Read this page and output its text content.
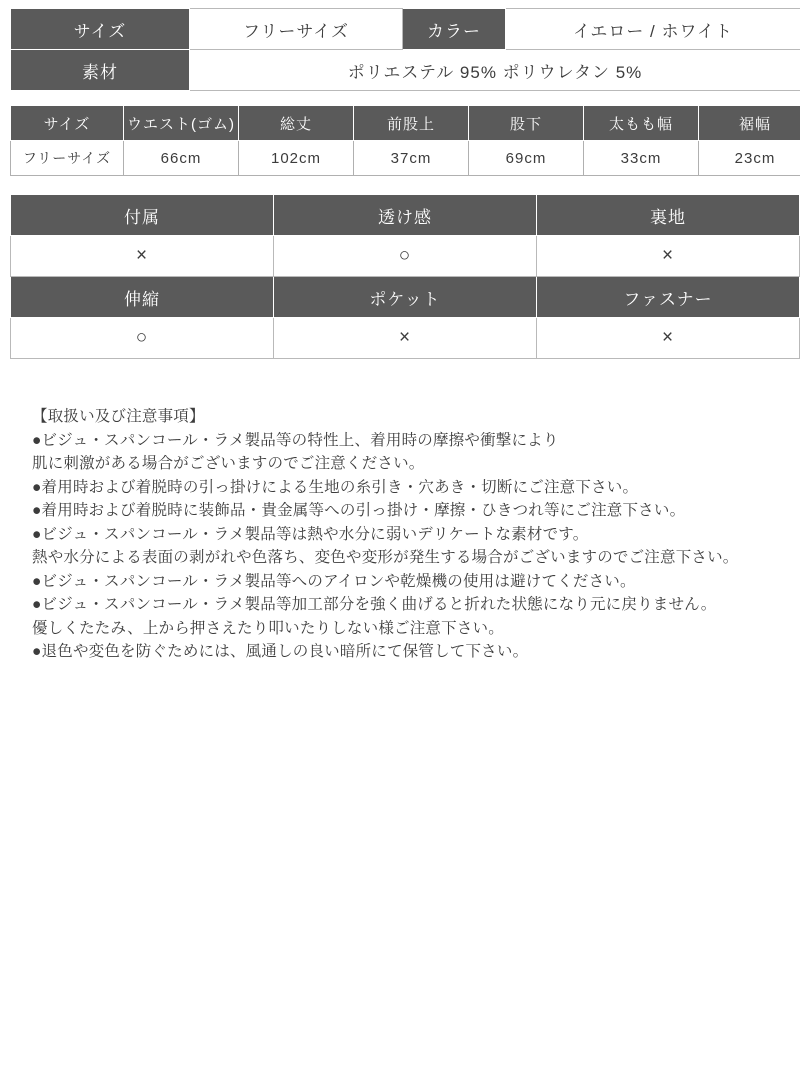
サイズ	フリーサイズ	カラー	イエロー / ホワイト
素材	ポリエステル 95% ポリウレタン 5%		
サイズ	ウエスト(ゴム)	総丈	前股上	股下	太もも幅	裾幅
フリーサイズ	66cm	102cm	37cm	69cm	33cm	23cm
付属	透け感	裏地
×	○	×
伸縮	ポケット	ファスナー
○	×	×
【取扱い及び注意事項】
●ビジュ・スパンコール・ラメ製品等の特性上、着用時の摩擦や衝撃により
肌に刺激がある場合がございますのでご注意ください。
●着用時および着脱時の引っ掛けによる生地の糸引き・穴あき・切断にご注意下さい。
●着用時および着脱時に装飾品・貴金属等への引っ掛け・摩擦・ひきつれ等にご注意下さい。
●ビジュ・スパンコール・ラメ製品等は熱や水分に弱いデリケートな素材です。
熱や水分による表面の剥がれや色落ち、変色や変形が発生する場合がございますのでご注意下さい。
●ビジュ・スパンコール・ラメ製品等へのアイロンや乾燥機の使用は避けてください。
●ビジュ・スパンコール・ラメ製品等加工部分を強く曲げると折れた状態になり元に戻りません。
優しくたたみ、上から押さえたり叩いたりしない様ご注意下さい。
●退色や変色を防ぐためには、風通しの良い暗所にて保管して下さい。
